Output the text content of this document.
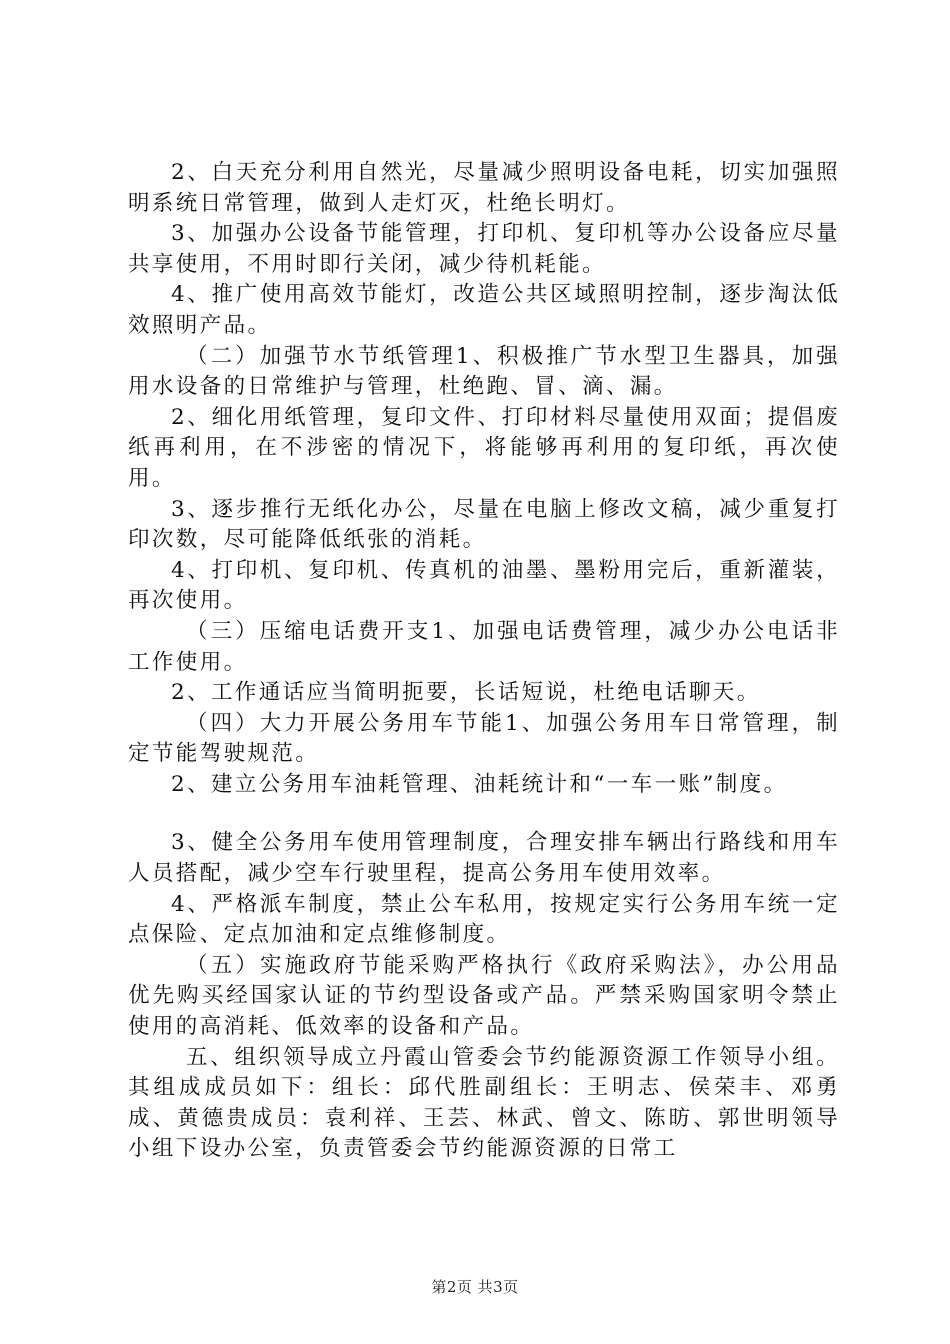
2、白天充分利用自然光，尽量减少照明设备电耗，切实加强照明系统日常管理，做到人走灯灭，杜绝长明灯。

3、加强办公设备节能管理，打印机、复印机等办公设备应尽量共享使用，不用时即行关闭，减少待机耗能。

4、推广使用高效节能灯，改造公共区域照明控制，逐步淘汰低效照明产品。

（二）加强节水节纸管理1、积极推广节水型卫生器具，加强用水设备的日常维护与管理，杜绝跑、冒、滴、漏。

2、细化用纸管理，复印文件、打印材料尽量使用双面；提倡废纸再利用，在不涉密的情况下，将能够再利用的复印纸，再次使用。

3、逐步推行无纸化办公，尽量在电脑上修改文稿，减少重复打印次数，尽可能降低纸张的消耗。

4、打印机、复印机、传真机的油墨、墨粉用完后，重新灌装，再次使用。

（三）压缩电话费开支1、加强电话费管理，减少办公电话非工作使用。

2、工作通话应当简明扼要，长话短说，杜绝电话聊天。

（四）大力开展公务用车节能1、加强公务用车日常管理，制定节能驾驶规范。

2、建立公务用车油耗管理、油耗统计和“一车一账”制度。

3、健全公务用车使用管理制度，合理安排车辆出行路线和用车人员搭配，减少空车行驶里程，提高公务用车使用效率。

4、严格派车制度，禁止公车私用，按规定实行公务用车统一定点保险、定点加油和定点维修制度。

（五）实施政府节能采购严格执行《政府采购法》，办公用品优先购买经国家认证的节约型设备或产品。严禁采购国家明令禁止使用的高消耗、低效率的设备和产品。

五、组织领导成立丹霞山管委会节约能源资源工作领导小组。其组成成员如下：组长：邱代胜副组长：王明志、侯荣丰、邓勇成、黄德贵成员：袁利祥、王芸、林武、曾文、陈昉、郭世明领导小组下设办公室，负责管委会节约能源资源的日常工

第2页 共3页
